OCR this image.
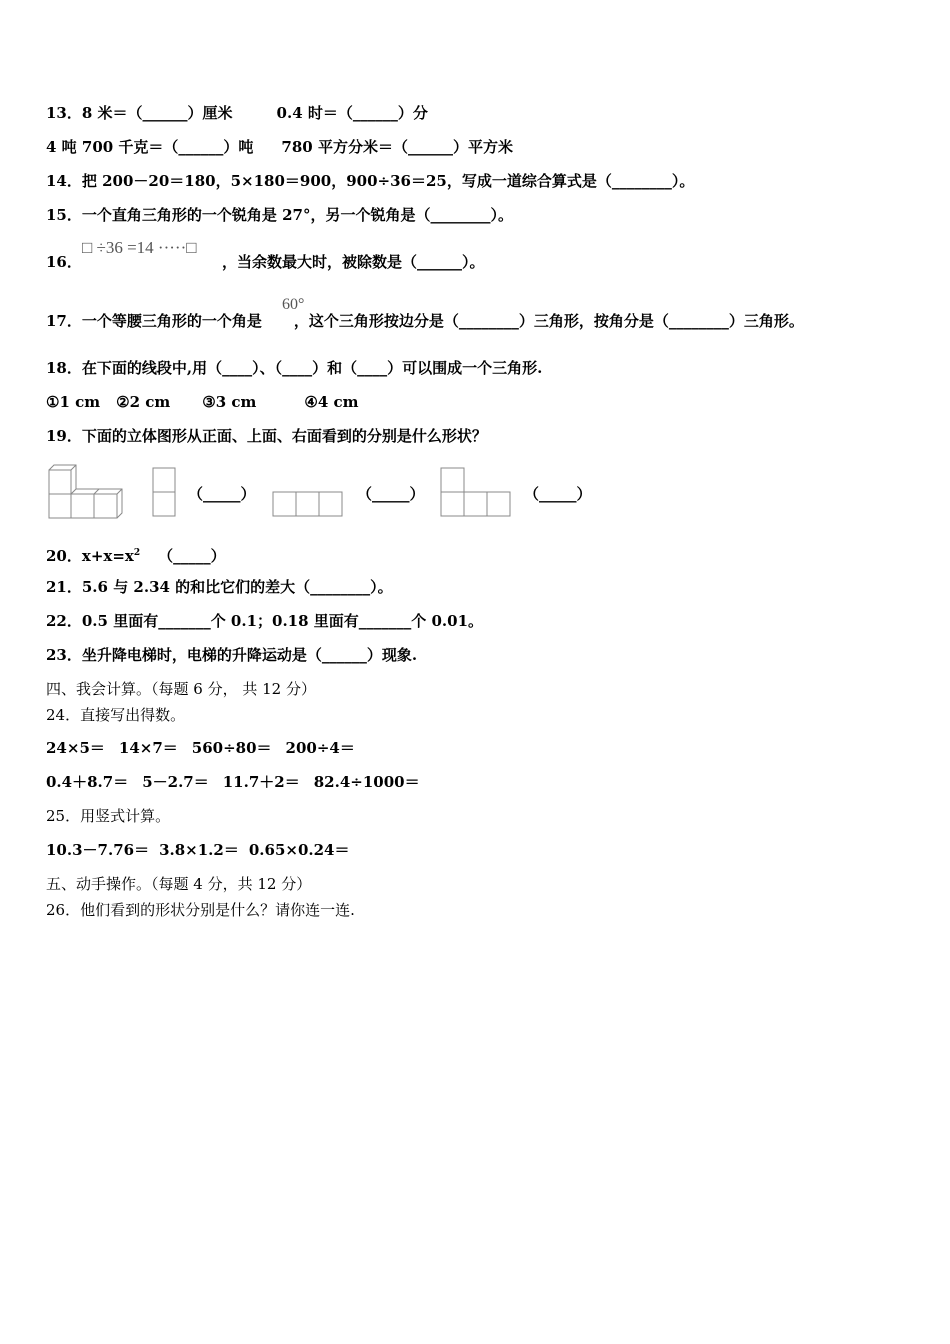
13．8 米＝（______）厘米	0.4 时＝（______）分
4 吨 700 千克＝（______）吨 780 平方分米＝（______）平方米
14．把 200－20＝180，5×180＝900，900÷36＝25，写成一道综合算式是（________）。
15．一个直角三角形的一个锐角是 27°，另一个锐角是（________）。
16．
□ ÷36 =14 ·····□
，当余数最大时，被除数是（______）。
17．一个等腰三角形的一个角是 ，这个三角形按边分是（________）三角形，按角分是（________）三角形。
60°
18．在下面的线段中,用（____）、（____）和（____）可以围成一个三角形.
①1 cm ②2 cm ③3 cm	④4 cm
19．下面的立体图形从正面、上面、右面看到的分别是什么形状？
（_____）	（_____）	（_____）
20．$x+x=x^2$ （_____）
21．5.6 与 2.34 的和比它们的差大（________）。
22．0.5 里面有_______个 0.1；0.18 里面有_______个 0.01。
23．坐升降电梯时，电梯的升降运动是（______）现象.
四、我会计算。（每题 6 分， 共 12 分）
24．直接写出得数。
24×5＝ 14×7＝ 560÷80＝ 200÷4＝
0.4＋8.7＝ 5－2.7＝ 11.7＋2＝ 82.4÷1000＝
25．用竖式计算。
10.3－7.76＝ 3.8×1.2＝ 0.65×0.24＝
五、动手操作。（每题 4 分，共 12 分）
26．他们看到的形状分别是什么？请你连一连.
